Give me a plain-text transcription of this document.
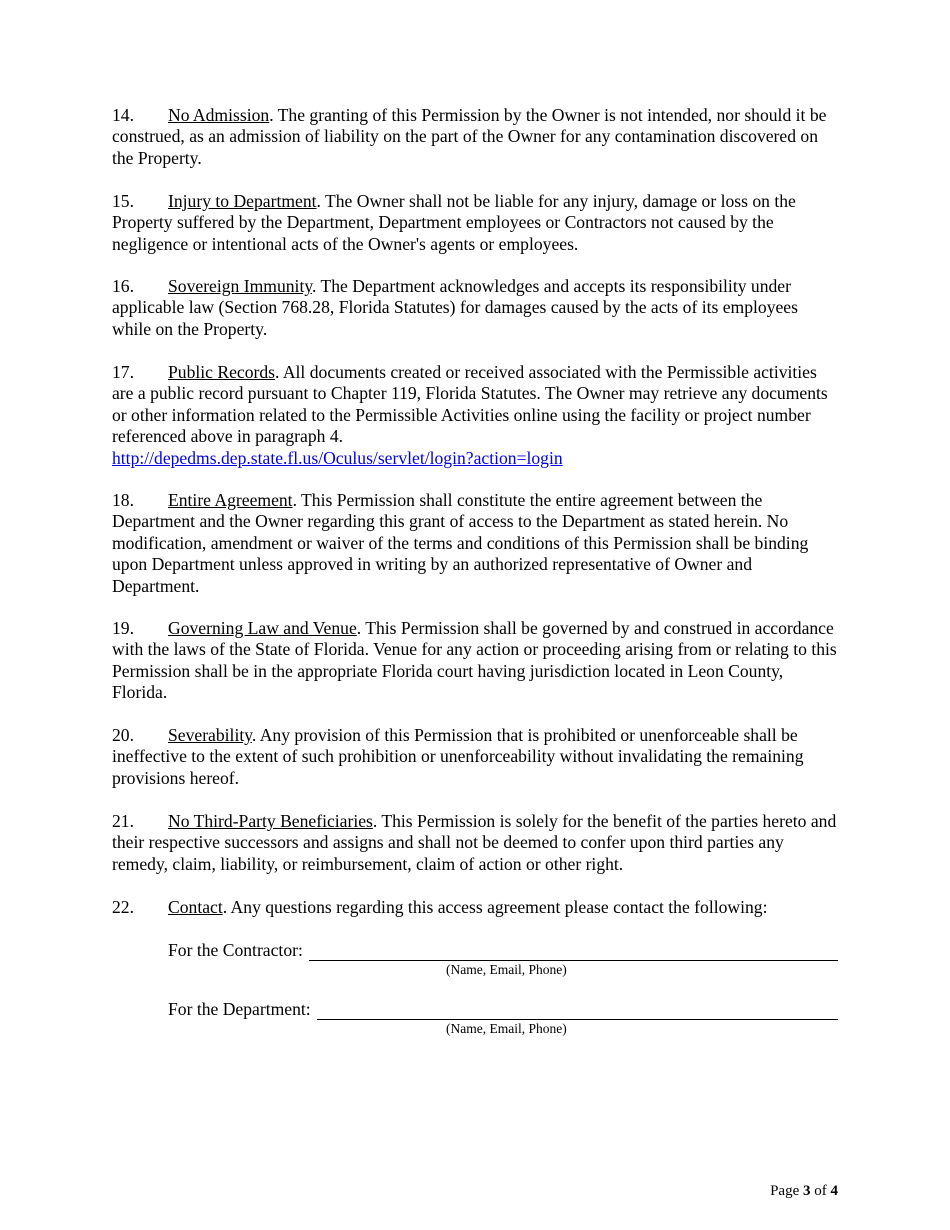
14. No Admission. The granting of this Permission by the Owner is not intended, nor should it be construed, as an admission of liability on the part of the Owner for any contamination discovered on the Property.

15. Injury to Department. The Owner shall not be liable for any injury, damage or loss on the Property suffered by the Department, Department employees or Contractors not caused by the negligence or intentional acts of the Owner's agents or employees.

16. Sovereign Immunity. The Department acknowledges and accepts its responsibility under applicable law (Section 768.28, Florida Statutes) for damages caused by the acts of its employees while on the Property.

17. Public Records. All documents created or received associated with the Permissible activities are a public record pursuant to Chapter 119, Florida Statutes. The Owner may retrieve any documents or other information related to the Permissible Activities online using the facility or project number referenced above in paragraph 4.
http://depedms.dep.state.fl.us/Oculus/servlet/login?action=login

18. Entire Agreement. This Permission shall constitute the entire agreement between the Department and the Owner regarding this grant of access to the Department as stated herein. No modification, amendment or waiver of the terms and conditions of this Permission shall be binding upon Department unless approved in writing by an authorized representative of Owner and Department.

19. Governing Law and Venue. This Permission shall be governed by and construed in accordance with the laws of the State of Florida. Venue for any action or proceeding arising from or relating to this Permission shall be in the appropriate Florida court having jurisdiction located in Leon County, Florida.

20. Severability. Any provision of this Permission that is prohibited or unenforceable shall be ineffective to the extent of such prohibition or unenforceability without invalidating the remaining provisions hereof.

21. No Third-Party Beneficiaries. This Permission is solely for the benefit of the parties hereto and their respective successors and assigns and shall not be deemed to confer upon third parties any remedy, claim, liability, or reimbursement, claim of action or other right.

22. Contact. Any questions regarding this access agreement please contact the following:

For the Contractor:
(Name, Email, Phone)
For the Department:
(Name, Email, Phone)
Page 3 of 4
